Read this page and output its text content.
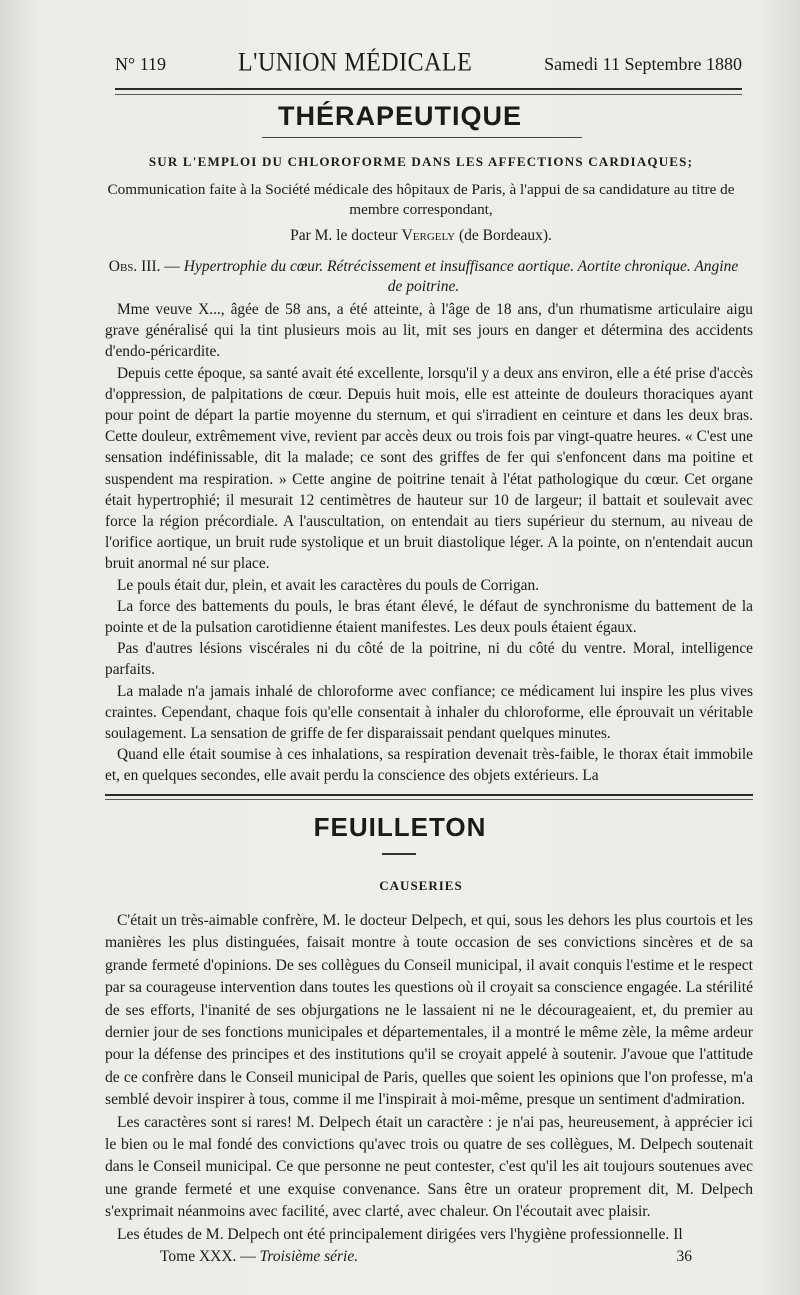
N° 119	L'UNION MÉDICALE	Samedi 11 Septembre 1880
THÉRAPEUTIQUE
SUR L'EMPLOI DU CHLOROFORME DANS LES AFFECTIONS CARDIAQUES;
Communication faite à la Société médicale des hôpitaux de Paris, à l'appui de sa candidature au titre de membre correspondant,
Par M. le docteur Vergely (de Bordeaux).
Obs. III. — Hypertrophie du cœur. Rétrécissement et insuffisance aortique. Aortite chronique. Angine de poitrine.

Mme veuve X..., âgée de 58 ans, a été atteinte, à l'âge de 18 ans, d'un rhumatisme articulaire aigu grave généralisé qui la tint plusieurs mois au lit, mit ses jours en danger et détermina des accidents d'endo-péricardite.

Depuis cette époque, sa santé avait été excellente, lorsqu'il y a deux ans environ, elle a été prise d'accès d'oppression, de palpitations de cœur. Depuis huit mois, elle est atteinte de douleurs thoraciques ayant pour point de départ la partie moyenne du sternum, et qui s'irradient en ceinture et dans les deux bras. Cette douleur, extrêmement vive, revient par accès deux ou trois fois par vingt-quatre heures. « C'est une sensation indéfinissable, dit la malade; ce sont des griffes de fer qui s'enfoncent dans ma poitine et suspendent ma respiration. » Cette angine de poitrine tenait à l'état pathologique du cœur. Cet organe était hypertrophié; il mesurait 12 centimètres de hauteur sur 10 de largeur; il battait et soulevait avec force la région précordiale. A l'auscultation, on entendait au tiers supérieur du sternum, au niveau de l'orifice aortique, un bruit rude systolique et un bruit diastolique léger. A la pointe, on n'entendait aucun bruit anormal né sur place.

Le pouls était dur, plein, et avait les caractères du pouls de Corrigan.

La force des battements du pouls, le bras étant élevé, le défaut de synchronisme du battement de la pointe et de la pulsation carotidienne étaient manifestes. Les deux pouls étaient égaux.

Pas d'autres lésions viscérales ni du côté de la poitrine, ni du côté du ventre. Moral, intelligence parfaits.

La malade n'a jamais inhalé de chloroforme avec confiance; ce médicament lui inspire les plus vives craintes. Cependant, chaque fois qu'elle consentait à inhaler du chloroforme, elle éprouvait un véritable soulagement. La sensation de griffe de fer disparaissait pendant quelques minutes.

Quand elle était soumise à ces inhalations, sa respiration devenait très-faible, le thorax était immobile et, en quelques secondes, elle avait perdu la conscience des objets extérieurs. La

FEUILLETON
CAUSERIES

C'était un très-aimable confrère, M. le docteur Delpech, et qui, sous les dehors les plus courtois et les manières les plus distinguées, faisait montre à toute occasion de ses convictions sincères et de sa grande fermeté d'opinions. De ses collègues du Conseil municipal, il avait conquis l'estime et le respect par sa courageuse intervention dans toutes les questions où il croyait sa conscience engagée. La stérilité de ses efforts, l'inanité de ses objurgations ne le lassaient ni ne le décourageaient, et, du premier au dernier jour de ses fonctions municipales et départementales, il a montré le même zèle, la même ardeur pour la défense des principes et des institutions qu'il se croyait appelé à soutenir. J'avoue que l'attitude de ce confrère dans le Conseil municipal de Paris, quelles que soient les opinions que l'on professe, m'a semblé devoir inspirer à tous, comme il me l'inspirait à moi-même, presque un sentiment d'admiration.

Les caractères sont si rares! M. Delpech était un caractère : je n'ai pas, heureusement, à apprécier ici le bien ou le mal fondé des convictions qu'avec trois ou quatre de ses collègues, M. Delpech soutenait dans le Conseil municipal. Ce que personne ne peut contester, c'est qu'il les ait toujours soutenues avec une grande fermeté et une exquise convenance. Sans être un orateur proprement dit, M. Delpech s'exprimait néanmoins avec facilité, avec clarté, avec chaleur. On l'écoutait avec plaisir.

Les études de M. Delpech ont été principalement dirigées vers l'hygiène professionnelle. Il

Tome XXX. — Troisième série.	36
